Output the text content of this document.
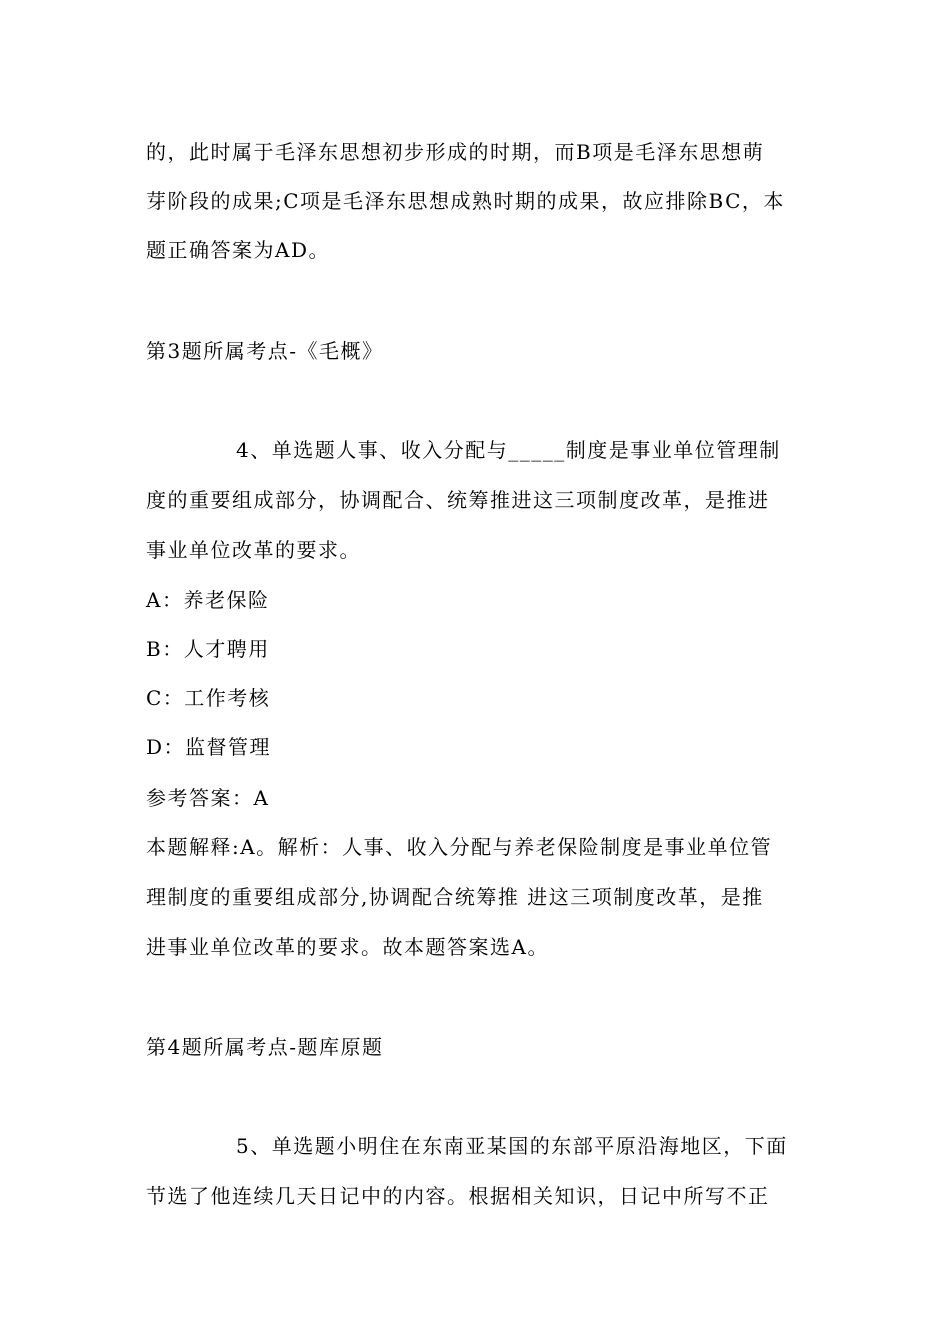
的，此时属于毛泽东思想初步形成的时期，而B项是毛泽东思想萌
芽阶段的成果;C项是毛泽东思想成熟时期的成果，故应排除BC，本
题正确答案为AD。
第3题所属考点-《毛概》
4、单选题人事、收入分配与_____制度是事业单位管理制
度的重要组成部分，协调配合、统筹推进这三项制度改革，是推进
事业单位改革的要求。
A：养老保险
B：人才聘用
C：工作考核
D：监督管理
参考答案：A
本题解释:A。解析：人事、收入分配与养老保险制度是事业单位管
理制度的重要组成部分,协调配合统筹推 进这三项制度改革，是推
进事业单位改革的要求。故本题答案选A。
第4题所属考点-题库原题
5、单选题小明住在东南亚某国的东部平原沿海地区，下面
节选了他连续几天日记中的内容。根据相关知识，日记中所写不正
